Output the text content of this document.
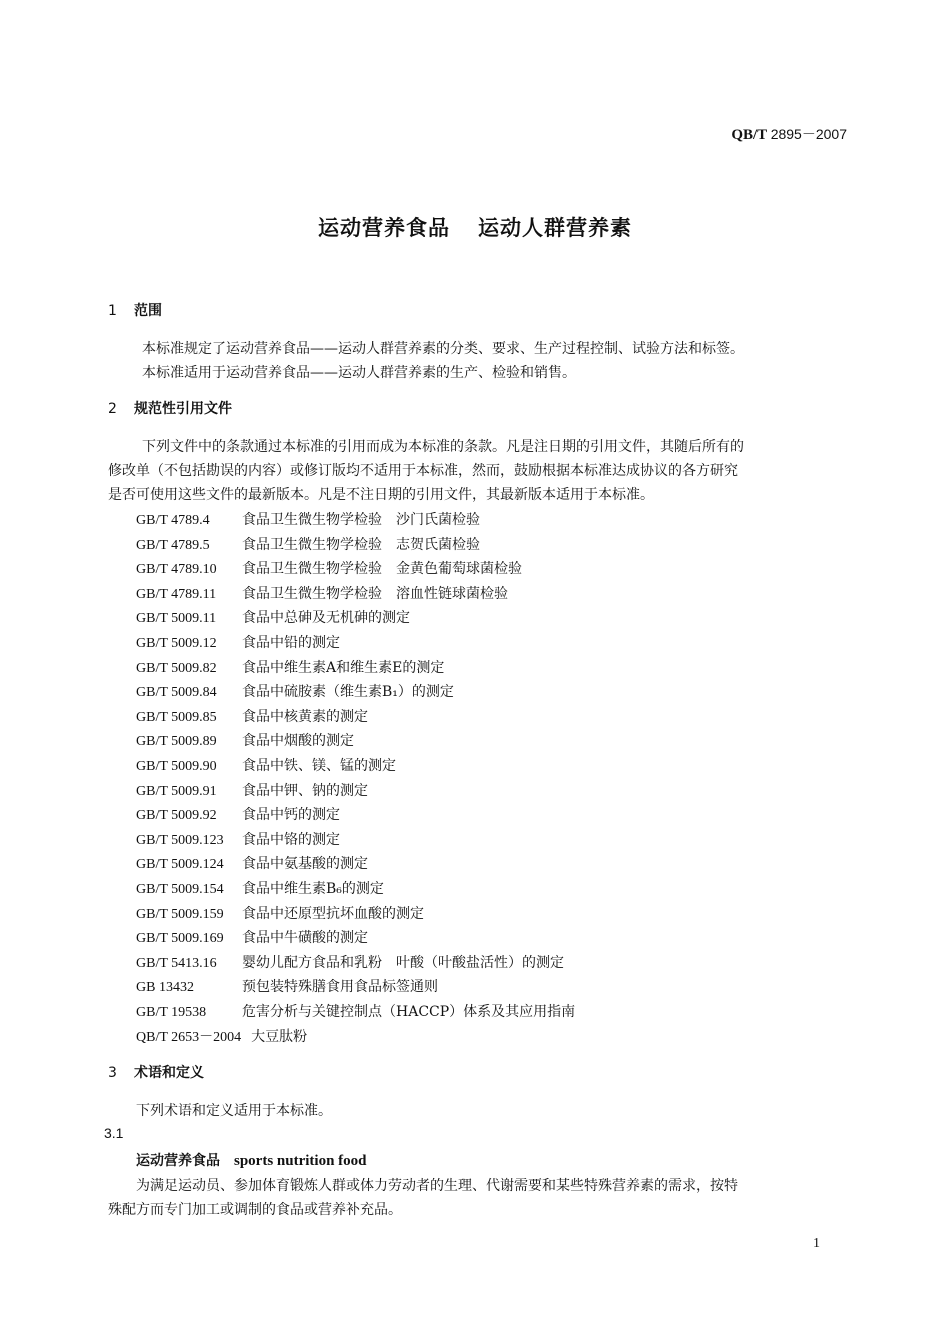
QB/T 2895－2007
运动营养食品 运动人群营养素
1 范围
本标准规定了运动营养食品——运动人群营养素的分类、要求、生产过程控制、试验方法和标签。
本标准适用于运动营养食品——运动人群营养素的生产、检验和销售。
2 规范性引用文件
下列文件中的条款通过本标准的引用而成为本标准的条款。凡是注日期的引用文件，其随后所有的
修改单（不包括勘误的内容）或修订版均不适用于本标准，然而，鼓励根据本标准达成协议的各方研究
是否可使用这些文件的最新版本。凡是不注日期的引用文件，其最新版本适用于本标准。
GB/T 4789.4 食品卫生微生物学检验　沙门氏菌检验
GB/T 4789.5 食品卫生微生物学检验　志贺氏菌检验
GB/T 4789.10 食品卫生微生物学检验　金黄色葡萄球菌检验
GB/T 4789.11 食品卫生微生物学检验　溶血性链球菌检验
GB/T 5009.11 食品中总砷及无机砷的测定
GB/T 5009.12 食品中铅的测定
GB/T 5009.82 食品中维生素A和维生素E的测定
GB/T 5009.84 食品中硫胺素（维生素B₁）的测定
GB/T 5009.85 食品中核黄素的测定
GB/T 5009.89 食品中烟酸的测定
GB/T 5009.90 食品中铁、镁、锰的测定
GB/T 5009.91 食品中钾、钠的测定
GB/T 5009.92 食品中钙的测定
GB/T 5009.123 食品中铬的测定
GB/T 5009.124 食品中氨基酸的测定
GB/T 5009.154 食品中维生素B₆的测定
GB/T 5009.159 食品中还原型抗坏血酸的测定
GB/T 5009.169 食品中牛磺酸的测定
GB/T 5413.16 婴幼儿配方食品和乳粉　叶酸（叶酸盐活性）的测定
GB 13432	预包装特殊膳食用食品标签通则
GB/T 19538	危害分析与关键控制点（HACCP）体系及其应用指南
QB/T 2653－2004 大豆肽粉
3 术语和定义
下列术语和定义适用于本标准。
3.1
运动营养食品 sports nutrition food
为满足运动员、参加体育锻炼人群或体力劳动者的生理、代谢需要和某些特殊营养素的需求，按特
殊配方而专门加工或调制的食品或营养补充品。
1
